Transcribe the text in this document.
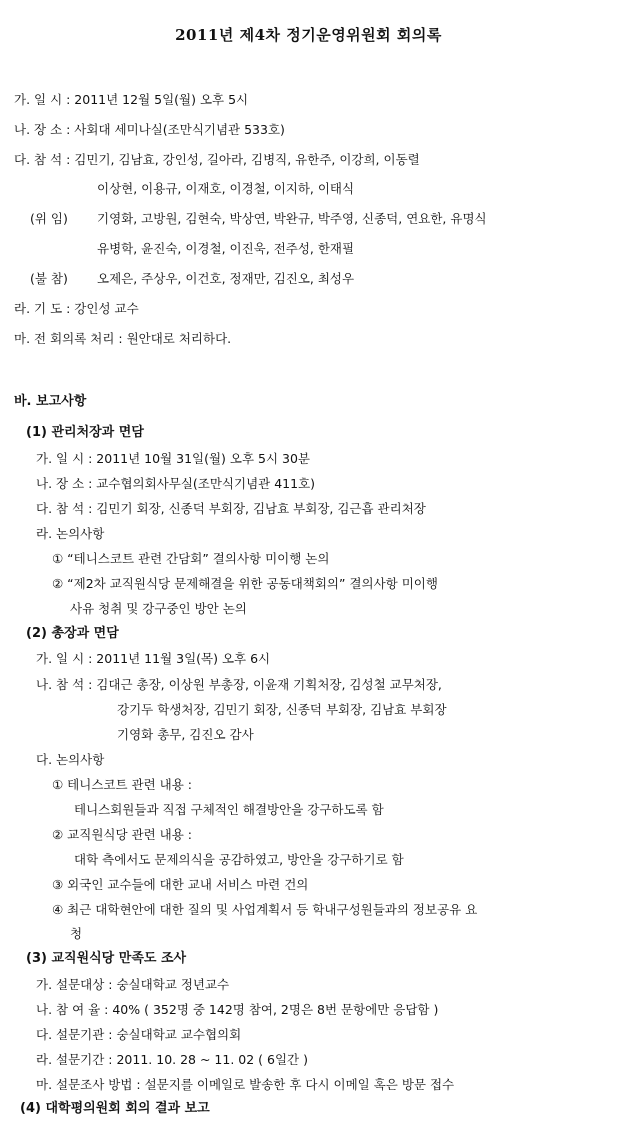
2011년 제4차 정기운영위원회 회의록
가. 일 시 : 2011년 12월 5일(월) 오후 5시
나. 장 소 : 사회대 세미나실(조만식기념관 533호)
다. 참 석 : 김민기, 김남효, 강인성, 길아라, 김병직, 유한주, 이강희, 이동렬
이상현, 이용규, 이재호, 이경철, 이지하, 이태식
(위 임) 기영화, 고방원, 김현숙, 박상연, 박완규, 박주영, 신종덕, 연요한, 유명식
유병학, 윤진숙, 이경철, 이진욱, 전주성, 한재필
(불 참) 오제은, 주상우, 이건호, 정재만, 김진오, 최성우
라. 기 도 : 강인성 교수
마. 전 회의록 처리 : 원안대로 처리하다.
바. 보고사항
(1) 관리처장과 면담
가. 일 시 : 2011년 10월 31일(월) 오후 5시 30분
나. 장 소 : 교수협의회사무실(조만식기념관 411호)
다. 참 석 : 김민기 회장, 신종덕 부회장, 김남효 부회장, 김근흡 관리처장
라. 논의사항
① “테니스코트 관련 간담회” 결의사항 미이행 논의
② “제2차 교직원식당 문제해결을 위한 공동대책회의” 결의사항 미이행
사유 청취 및 강구중인 방안 논의
(2) 총장과 면담
가. 일 시 : 2011년 11월 3일(목) 오후 6시
나. 참 석 : 김대근 총장, 이상원 부총장, 이윤재 기획처장, 김성철 교무처장,
강기두 학생처장, 김민기 회장, 신종덕 부회장, 김남효 부회장
기영화 총무, 김진오 감사
다. 논의사항
① 테니스코트 관련 내용 :
테니스회원들과 직접 구체적인 해결방안을 강구하도록 함
② 교직원식당 관련 내용 :
대학 측에서도 문제의식을 공감하였고, 방안을 강구하기로 함
③ 외국인 교수들에 대한 교내 서비스 마련 건의
④ 최근 대학현안에 대한 질의 및 사업계획서 등 학내구성원들과의 정보공유 요
청
(3) 교직원식당 만족도 조사
가. 설문대상 : 숭실대학교 정년교수
나. 참 여 율 : 40% ( 352명 중 142명 참여, 2명은 8번 문항에만 응답함 )
다. 설문기관 : 숭실대학교 교수협의회
라. 설문기간 : 2011. 10. 28 ~ 11. 02 ( 6일간 )
마. 설문조사 방법 : 설문지를 이메일로 발송한 후 다시 이메일 혹은 방문 접수
(4) 대학평의원회 회의 결과 보고
